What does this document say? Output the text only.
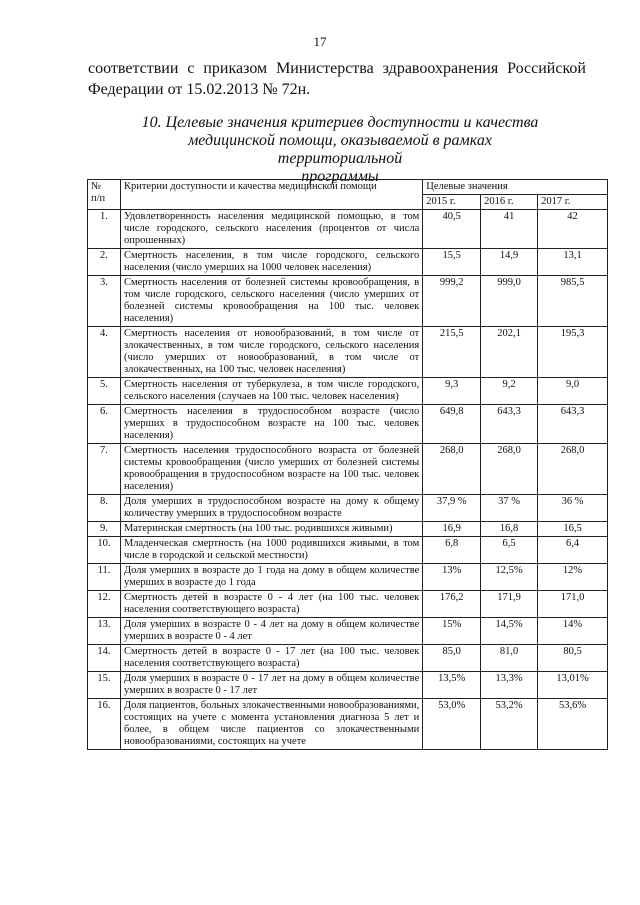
17
соответствии с приказом Министерства здравоохранения Российской
Федерации от 15.02.2013 № 72н.
10. Целевые значения критериев доступности и качества
медицинской помощи, оказываемой в рамках территориальной
программы
№
п/п	Критерии доступности и качества медицинской помощи	Целевые значения		
		2015 г.	2016 г.	2017 г.
1.	Удовлетворенность населения медицинской помощью, в том числе городского, сельского населения (процентов от числа опрошенных)	40,5	41	42
2.	Смертность населения, в том числе городского, сельского населения (число умерших на 1000 человек населения)	15,5	14,9	13,1
3.	Смертность населения от болезней системы кровообращения, в том числе городского, сельского населения (число умерших от болезней системы кровообращения на 100 тыс. человек населения)	999,2	999,0	985,5
4.	Смертность населения от новообразований, в том числе от злокачественных, в том числе городского, сельского населения (число умерших от новообразований, в том числе от злокачественных, на 100 тыс. человек населения)	215,5	202,1	195,3
5.	Смертность населения от туберкулеза, в том числе городского, сельского населения (случаев на 100 тыс. человек населения)	9,3	9,2	9,0
6.	Смертность населения в трудоспособном возрасте (число умерших в трудоспособном возрасте на 100 тыс. человек населения)	649,8	643,3	643,3
7.	Смертность населения трудоспособного возраста от болезней системы кровообращения (число умерших от болезней системы кровообращения в трудоспособном возрасте на 100 тыс. человек населения)	268,0	268,0	268,0
8.	Доля умерших в трудоспособном возрасте на дому к общему количеству умерших в трудоспособном возрасте	37,9 %	37 %	36 %
9.	Материнская смертность (на 100 тыс. родившихся живыми)	16,9	16,8	16,5
10.	Младенческая смертность (на 1000 родившихся живыми, в том числе в городской и сельской местности)	6,8	6,5	6,4
11.	Доля умерших в возрасте до 1 года на дому в общем количестве умерших в возрасте до 1 года	13%	12,5%	12%
12.	Смертность детей в возрасте 0 - 4 лет (на 100 тыс. человек населения соответствующего возраста)	176,2	171,9	171,0
13.	Доля умерших в возрасте 0 - 4 лет на дому в общем количестве умерших в возрасте 0 - 4 лет	15%	14,5%	14%
14.	Смертность детей в возрасте 0 - 17 лет (на 100 тыс. человек населения соответствующего возраста)	85,0	81,0	80,5
15.	Доля умерших в возрасте 0 - 17 лет на дому в общем количестве умерших в возрасте 0 - 17 лет	13,5%	13,3%	13,01%
16.	Доля пациентов, больных злокачественными новообразованиями, состоящих на учете с момента установления диагноза 5 лет и более, в общем числе пациентов со злокачественными новообразованиями, состоящих на учете	53,0%	53,2%	53,6%
